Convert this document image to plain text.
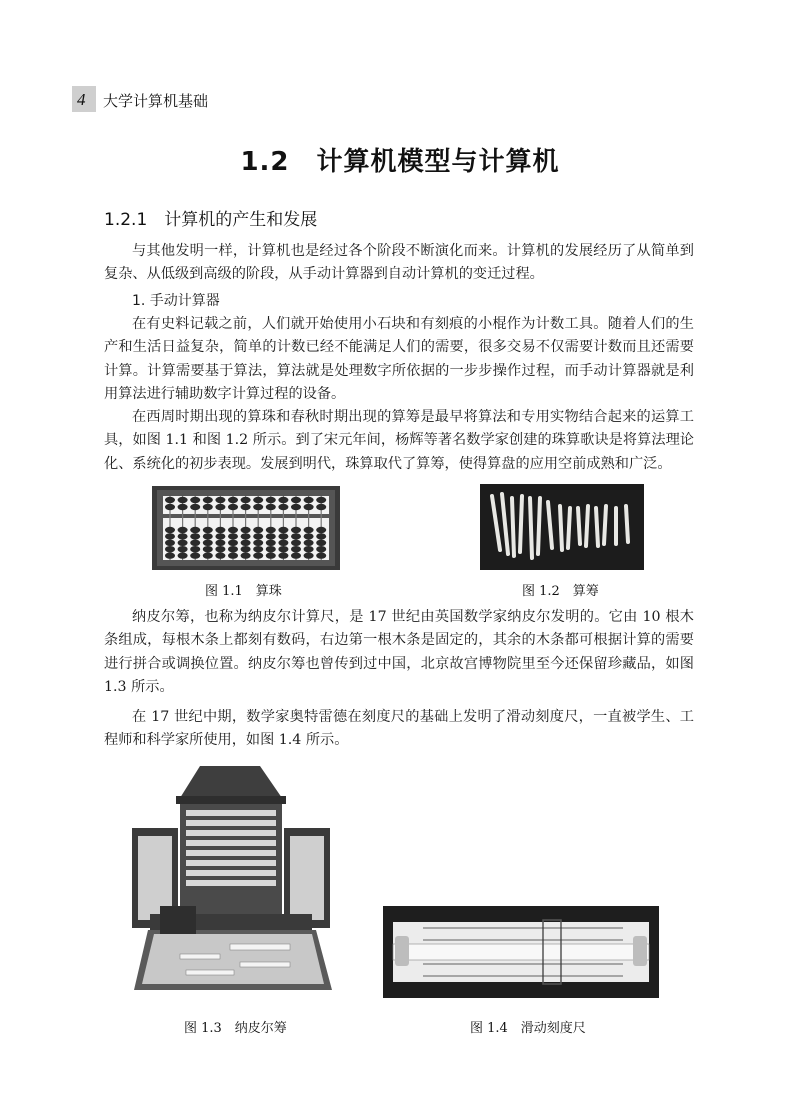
4 大学计算机基础
1.2　计算机模型与计算机
1.2.1　计算机的产生和发展

与其他发明一样，计算机也是经过各个阶段不断演化而来。计算机的发展经历了从简单到复杂、从低级到高级的阶段，从手动计算器到自动计算机的变迁过程。

1. 手动计算器

在有史料记载之前，人们就开始使用小石块和有刻痕的小棍作为计数工具。随着人们的生产和生活日益复杂，简单的计数已经不能满足人们的需要，很多交易不仅需要计数而且还需要计算。计算需要基于算法，算法就是处理数字所依据的一步步操作过程，而手动计算器就是利用算法进行辅助数字计算过程的设备。

在西周时期出现的算珠和春秋时期出现的算筹是最早将算法和专用实物结合起来的运算工具，如图 1.1 和图 1.2 所示。到了宋元年间，杨辉等著名数学家创建的珠算歌诀是将算法理论化、系统化的初步表现。发展到明代，珠算取代了算筹，使得算盘的应用空前成熟和广泛。

图 1.1　算珠	图 1.2　算筹

纳皮尔筹，也称为纳皮尔计算尺，是 17 世纪由英国数学家纳皮尔发明的。它由 10 根木条组成，每根木条上都刻有数码，右边第一根木条是固定的，其余的木条都可根据计算的需要进行拼合或调换位置。纳皮尔筹也曾传到过中国，北京故宫博物院里至今还保留珍藏品，如图 1.3 所示。

在 17 世纪中期，数学家奥特雷德在刻度尺的基础上发明了滑动刻度尺，一直被学生、工程师和科学家所使用，如图 1.4 所示。

图 1.3　纳皮尔筹	图 1.4　滑动刻度尺
